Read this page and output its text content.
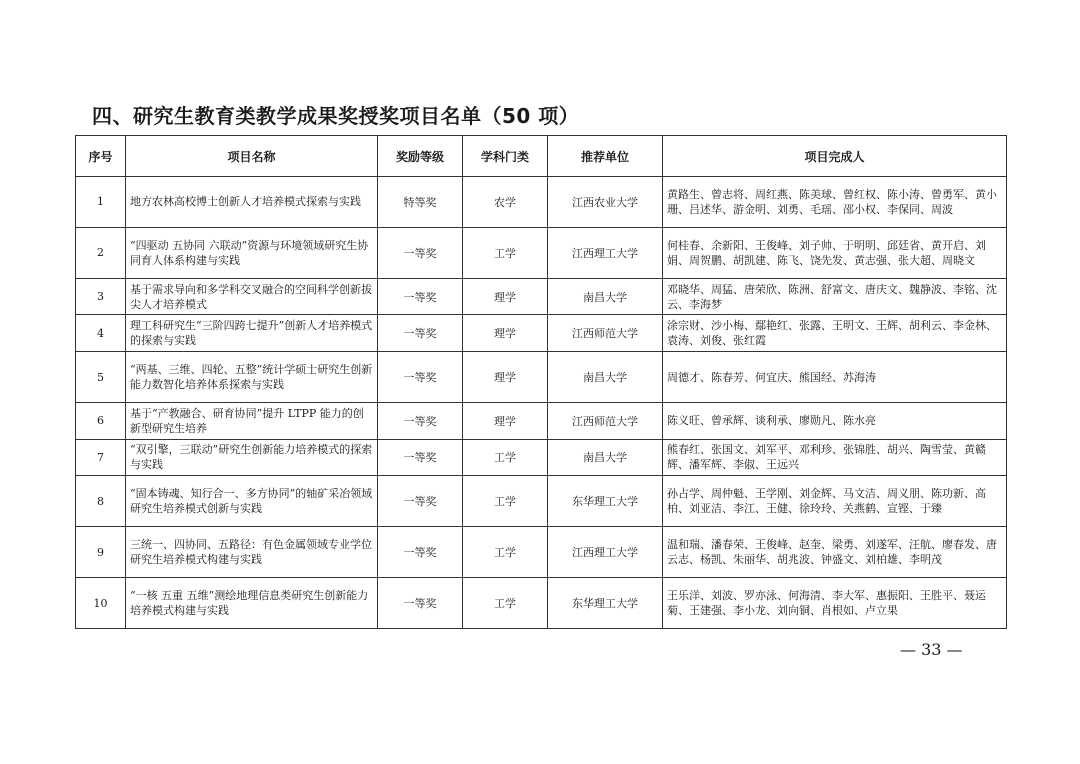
四、研究生教育类教学成果奖授奖项目名单（50 项）
序号	项目名称	奖励等级	学科门类	推荐单位	项目完成人
1	地方农林高校博士创新人才培养模式探索与实践	特等奖	农学	江西农业大学	黄路生、曾志将、周红燕、陈美球、曾红权、陈小涛、曾勇军、黄小珊、吕述华、游金明、刘勇、毛瑶、邵小权、李保同、周波
2	“四驱动 五协同 六联动”资源与环境领域研究生协同育人体系构建与实践	一等奖	工学	江西理工大学	何桂春、余新阳、王俊峰、刘子帅、于明明、邱廷省、黄开启、刘娟、周贺鹏、胡凯建、陈飞、饶先发、黄志强、张大超、周晓文
3	基于需求导向和多学科交叉融合的空间科学创新拔尖人才培养模式	一等奖	理学	南昌大学	邓晓华、周猛、唐荣欣、陈洲、舒富文、唐庆文、魏静波、李铭、沈云、李海梦
4	理工科研究生“三阶四跨七提升”创新人才培养模式的探索与实践	一等奖	理学	江西师范大学	涂宗财、沙小梅、鄢艳红、张露、王明文、王辉、胡利云、李金林、袁涛、刘俊、张红霞
5	“两基、三维、四轮、五整”统计学硕士研究生创新能力数智化培养体系探索与实践	一等奖	理学	南昌大学	周德才、陈春芳、何宜庆、熊国经、苏海涛
6	基于“产教融合、研育协同”提升 LTPP 能力的创新型研究生培养	一等奖	理学	江西师范大学	陈义旺、曾承辉、谈利承、廖勋凡、陈水亮
7	“双引擎，三联动”研究生创新能力培养模式的探索与实践	一等奖	工学	南昌大学	熊春红、张国文、刘军平、邓利珍、张锦胜、胡兴、陶雪莹、黄赣辉、潘军辉、李俶、王远兴
8	“固本铸魂、知行合一、多方协同”的轴矿采冶领域研究生培养模式创新与实践	一等奖	工学	东华理工大学	孙占学、周仲魁、王学刚、刘金辉、马文洁、周义朋、陈功新、高柏、刘亚洁、李江、王健、徐玲玲、关燕鹤、宣铿、于臻
9	三统一、四协同、五路径：有色金属领域专业学位研究生培养模式构建与实践	一等奖	工学	江西理工大学	温和瑞、潘春荣、王俊峰、赵奎、梁勇、刘遂军、汪航、廖春发、唐云志、杨凯、朱丽华、胡兆波、钟盛文、刘柏雄、李明茂
10	“一核 五重 五维”测绘地理信息类研究生创新能力培养模式构建与实践	一等奖	工学	东华理工大学	王乐洋、刘波、罗亦泳、何海清、李大军、惠振阳、王胜平、聂运菊、王建强、李小龙、刘向铜、肖根如、卢立果
— 33 —
